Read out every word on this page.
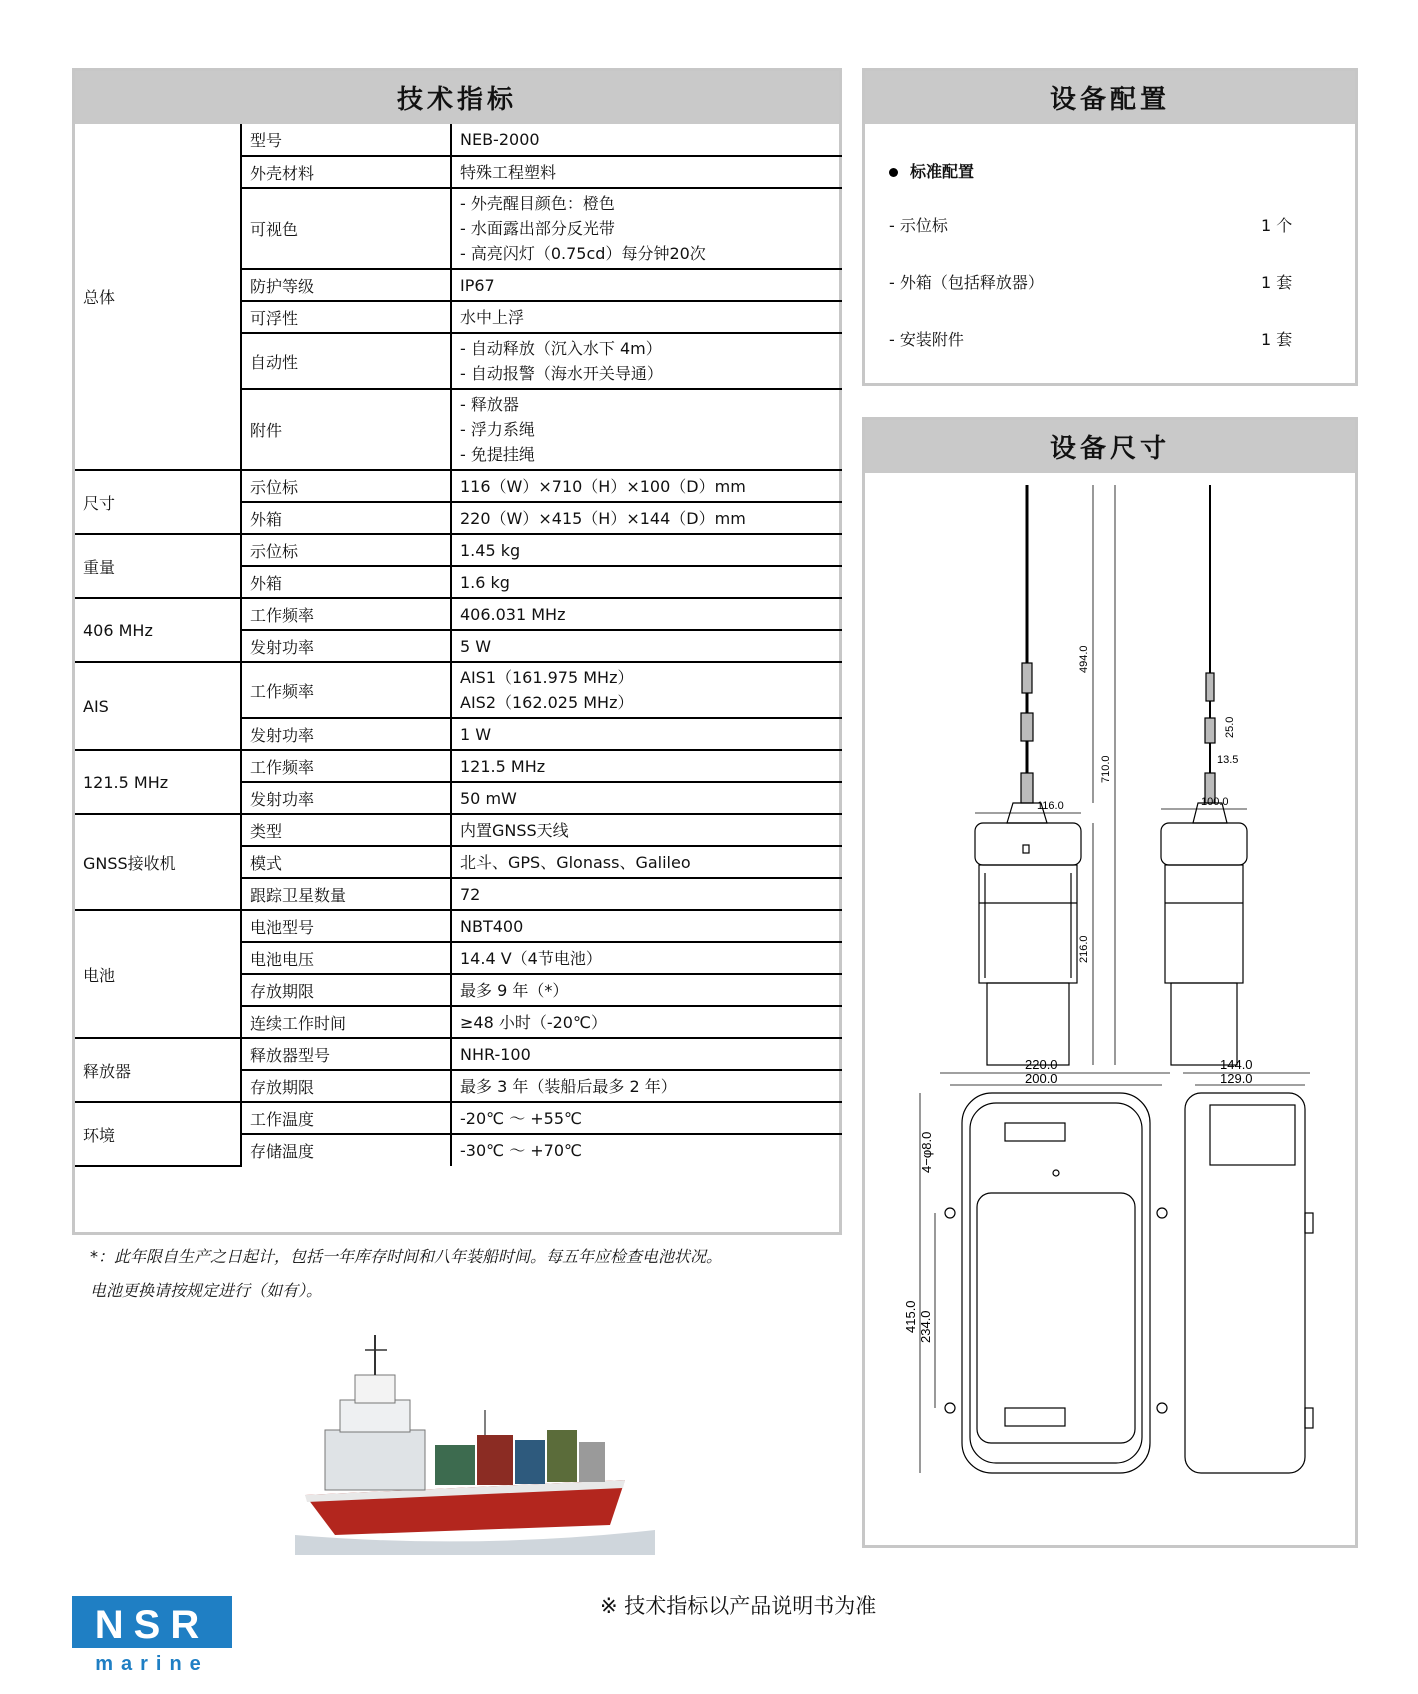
技术指标
总体	型号	NEB-2000

	外壳材料	特殊工程塑料

	可视色	- 外壳醒目颜色：橙色
- 水面露出部分反光带
- 高亮闪灯（0.75cd）每分钟20次

	防护等级	IP67

	可浮性	水中上浮

	自动性	- 自动释放（沉入水下 4m）
- 自动报警（海水开关导通）

	附件	- 释放器
- 浮力系绳
- 免提挂绳

尺寸	示位标	116（W）×710（H）×100（D）mm

	外箱	220（W）×415（H）×144（D）mm

重量	示位标	1.45 kg

	外箱	1.6 kg

406 MHz	工作频率	406.031 MHz

	发射功率	5 W

AIS	工作频率	AIS1（161.975 MHz）
AIS2（162.025 MHz）

	发射功率	1 W

121.5 MHz	工作频率	121.5 MHz

	发射功率	50 mW

GNSS接收机	类型	内置GNSS天线

	模式	北斗、GPS、Glonass、Galileo

	跟踪卫星数量	72

电池	电池型号	NBT400

	电池电压	14.4 V（4节电池）

	存放期限	最多 9 年（*）

	连续工作时间	≥48 小时（-20℃）

释放器	释放器型号	NHR-100

	存放期限	最多 3 年（装船后最多 2 年）

环境	工作温度	-20℃ ～ +55℃

	存储温度	-30℃ ～ +70℃
*：此年限自生产之日起计，包括一年库存时间和八年装船时间。每五年应检查电池状况。
电池更换请按规定进行（如有）。
设备配置
标准配置
- 示位标	1 个
- 外箱（包括释放器）	1 套
- 安装附件	1 套
设备尺寸
494.0
710.0
216.0
116.0	100.0
25.0
13.5
220.0
200.0
4−φ8.0
415.0 234.0
144.0
129.0
NSR
marine
※ 技术指标以产品说明书为准
